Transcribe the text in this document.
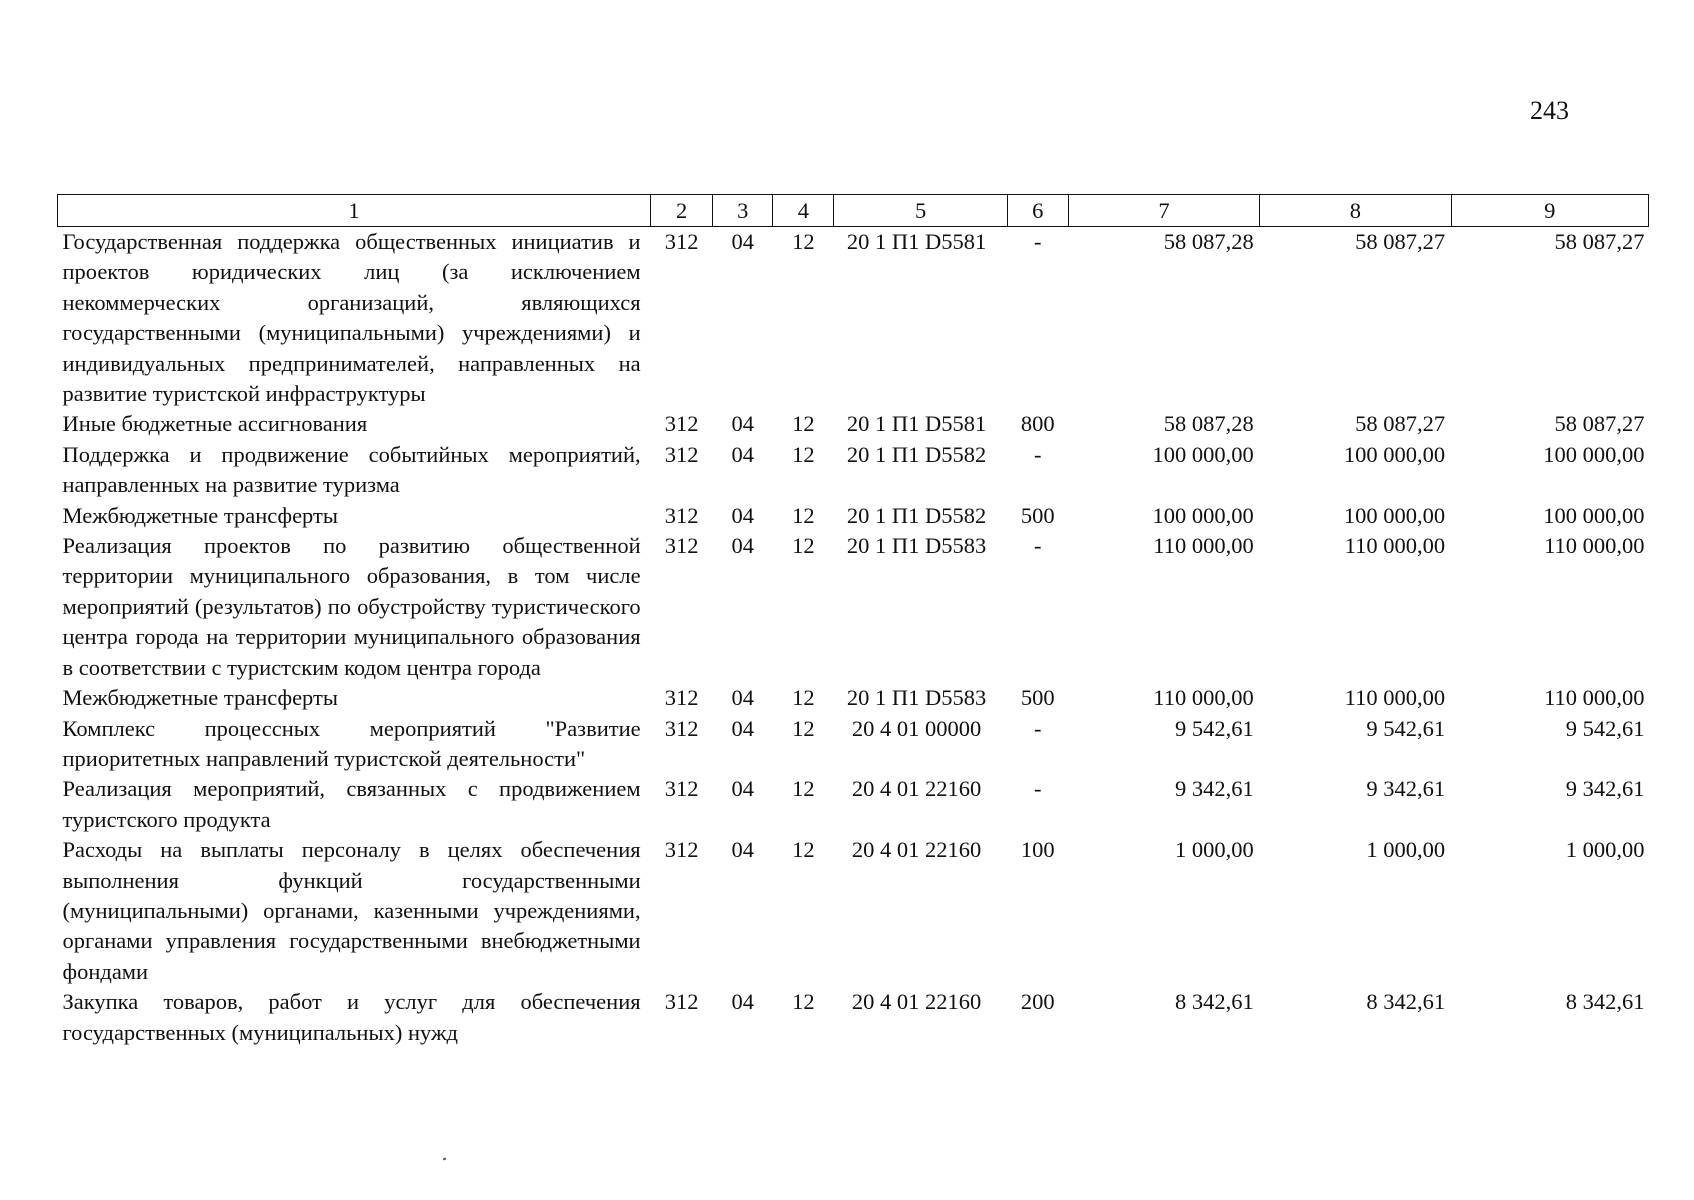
243
1	2	3	4	5	6	7	8	9
Государственная поддержка общественных инициатив и проектов юридических лиц (за исключением некоммерческих организаций, являющихся государственными (муниципальными) учреждениями) и индивидуальных предпринимателей, направленных на развитие туристской инфраструктуры	312	04	12	20 1 П1 D5581	-	58 087,28	58 087,27	58 087,27
Иные бюджетные ассигнования	312	04	12	20 1 П1 D5581	800	58 087,28	58 087,27	58 087,27
Поддержка и продвижение событийных мероприятий, направленных на развитие туризма	312	04	12	20 1 П1 D5582	-	100 000,00	100 000,00	100 000,00
Межбюджетные трансферты	312	04	12	20 1 П1 D5582	500	100 000,00	100 000,00	100 000,00
Реализация проектов по развитию общественной территории муниципального образования, в том числе мероприятий (результатов) по обустройству туристического центра города на территории муниципального образования в соответствии с туристским кодом центра города	312	04	12	20 1 П1 D5583	-	110 000,00	110 000,00	110 000,00
Межбюджетные трансферты	312	04	12	20 1 П1 D5583	500	110 000,00	110 000,00	110 000,00
Комплекс процессных мероприятий "Развитие приоритетных направлений туристской деятельности"	312	04	12	20 4 01 00000	-	9 542,61	9 542,61	9 542,61
Реализация мероприятий, связанных с продвижением туристского продукта	312	04	12	20 4 01 22160	-	9 342,61	9 342,61	9 342,61
Расходы на выплаты персоналу в целях обеспечения выполнения функций государственными (муниципальными) органами, казенными учреждениями, органами управления государственными внебюджетными фондами	312	04	12	20 4 01 22160	100	1 000,00	1 000,00	1 000,00
Закупка товаров, работ и услуг для обеспечения государственных (муниципальных) нужд	312	04	12	20 4 01 22160	200	8 342,61	8 342,61	8 342,61
